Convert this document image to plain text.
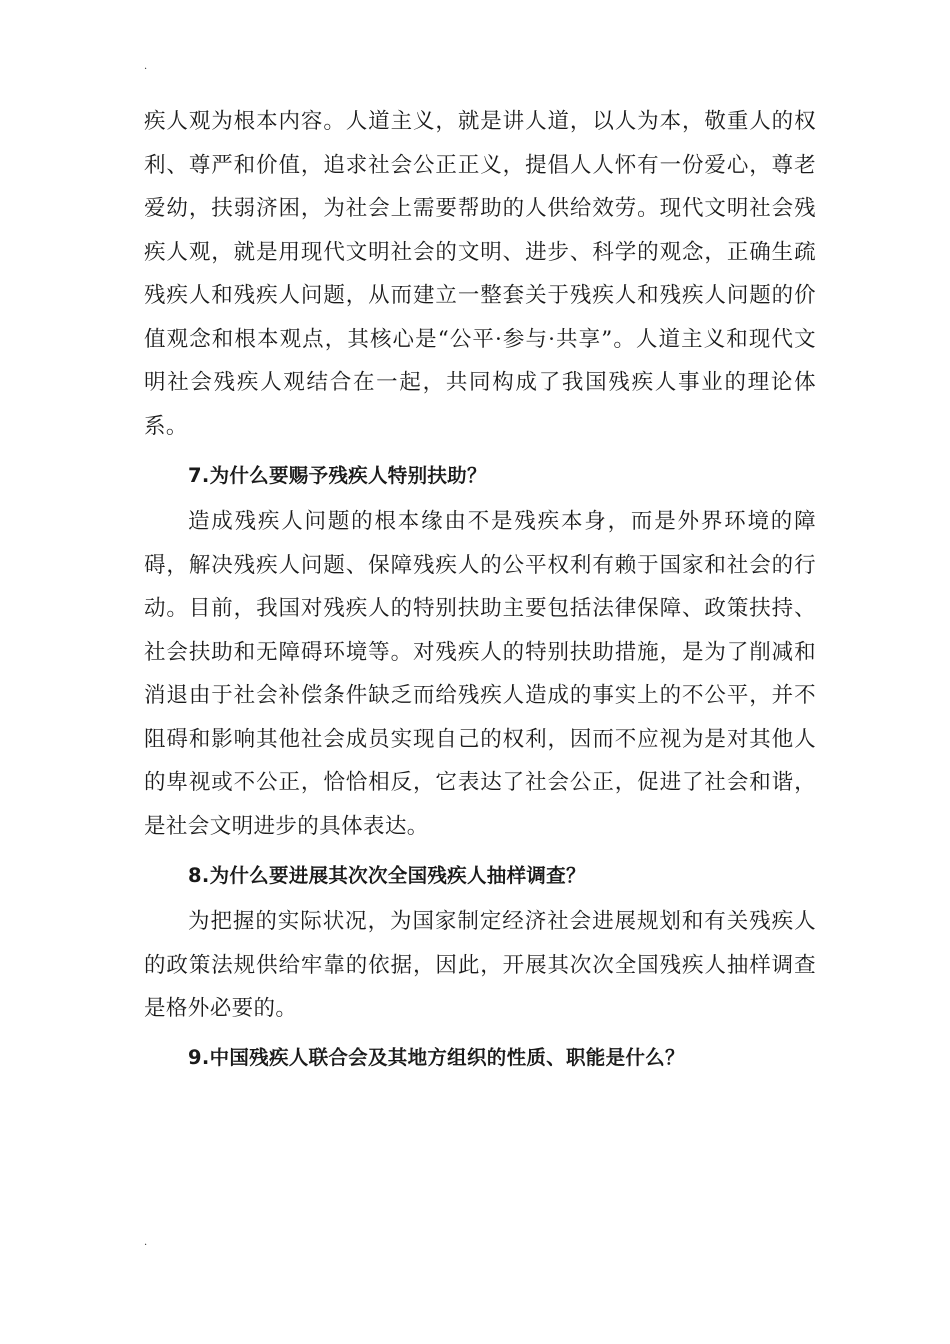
.

疾人观为根本内容。人道主义，就是讲人道，以人为本，敬重人的权利、尊严和价值，追求社会公正正义，提倡人人怀有一份爱心，尊老爱幼，扶弱济困，为社会上需要帮助的人供给效劳。现代文明社会残疾人观，就是用现代文明社会的文明、进步、科学的观念，正确生疏残疾人和残疾人问题，从而建立一整套关于残疾人和残疾人问题的价值观念和根本观点，其核心是“公平·参与·共享”。人道主义和现代文明社会残疾人观结合在一起，共同构成了我国残疾人事业的理论体系。

7.为什么要赐予残疾人特别扶助？

造成残疾人问题的根本缘由不是残疾本身，而是外界环境的障碍，解决残疾人问题、保障残疾人的公平权利有赖于国家和社会的行动。目前，我国对残疾人的特别扶助主要包括法律保障、政策扶持、社会扶助和无障碍环境等。对残疾人的特别扶助措施，是为了削减和消退由于社会补偿条件缺乏而给残疾人造成的事实上的不公平，并不阻碍和影响其他社会成员实现自己的权利，因而不应视为是对其他人的卑视或不公正，恰恰相反，它表达了社会公正，促进了社会和谐，是社会文明进步的具体表达。

8.为什么要进展其次次全国残疾人抽样调查？

为把握的实际状况，为国家制定经济社会进展规划和有关残疾人的政策法规供给牢靠的依据，因此，开展其次次全国残疾人抽样调查是格外必要的。

9.中国残疾人联合会及其地方组织的性质、职能是什么？
.
